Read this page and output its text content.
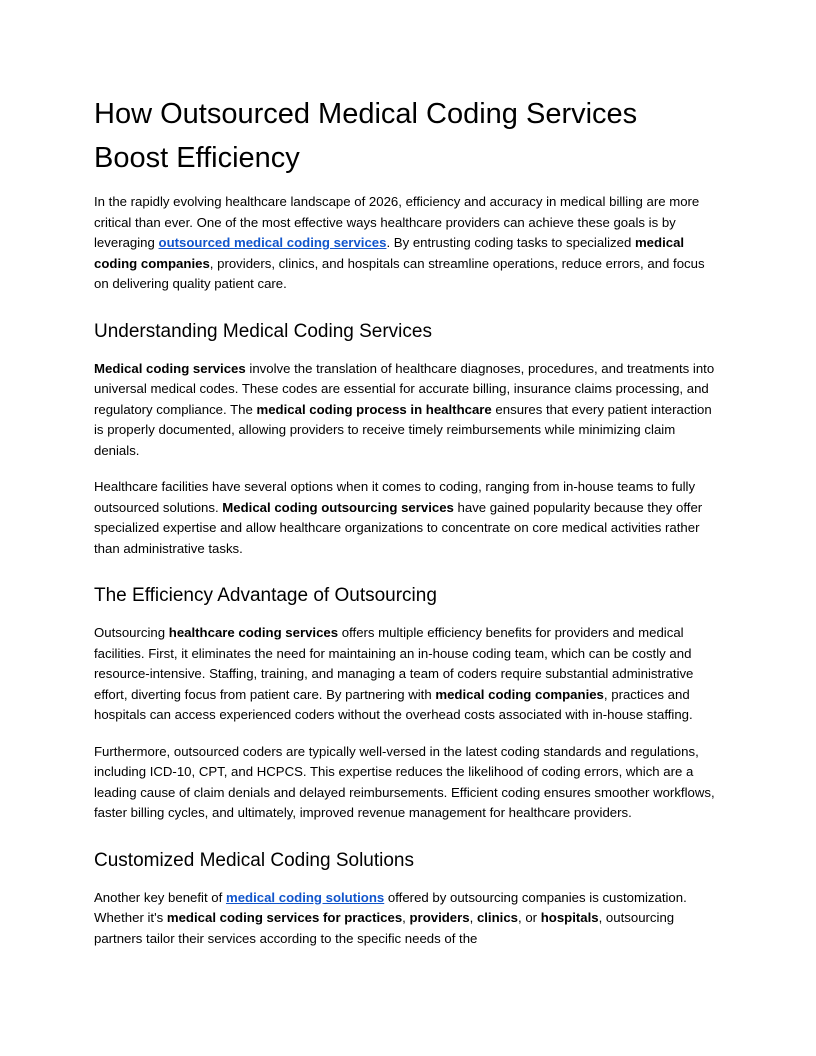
How Outsourced Medical Coding Services Boost Efficiency

In the rapidly evolving healthcare landscape of 2026, efficiency and accuracy in medical billing are more critical than ever. One of the most effective ways healthcare providers can achieve these goals is by leveraging outsourced medical coding services. By entrusting coding tasks to specialized medical coding companies, providers, clinics, and hospitals can streamline operations, reduce errors, and focus on delivering quality patient care.

Understanding Medical Coding Services

Medical coding services involve the translation of healthcare diagnoses, procedures, and treatments into universal medical codes. These codes are essential for accurate billing, insurance claims processing, and regulatory compliance. The medical coding process in healthcare ensures that every patient interaction is properly documented, allowing providers to receive timely reimbursements while minimizing claim denials.

Healthcare facilities have several options when it comes to coding, ranging from in-house teams to fully outsourced solutions. Medical coding outsourcing services have gained popularity because they offer specialized expertise and allow healthcare organizations to concentrate on core medical activities rather than administrative tasks.

The Efficiency Advantage of Outsourcing

Outsourcing healthcare coding services offers multiple efficiency benefits for providers and medical facilities. First, it eliminates the need for maintaining an in-house coding team, which can be costly and resource-intensive. Staffing, training, and managing a team of coders require substantial administrative effort, diverting focus from patient care. By partnering with medical coding companies, practices and hospitals can access experienced coders without the overhead costs associated with in-house staffing.

Furthermore, outsourced coders are typically well-versed in the latest coding standards and regulations, including ICD-10, CPT, and HCPCS. This expertise reduces the likelihood of coding errors, which are a leading cause of claim denials and delayed reimbursements. Efficient coding ensures smoother workflows, faster billing cycles, and ultimately, improved revenue management for healthcare providers.

Customized Medical Coding Solutions

Another key benefit of medical coding solutions offered by outsourcing companies is customization. Whether it's medical coding services for practices, providers, clinics, or hospitals, outsourcing partners tailor their services according to the specific needs of the
